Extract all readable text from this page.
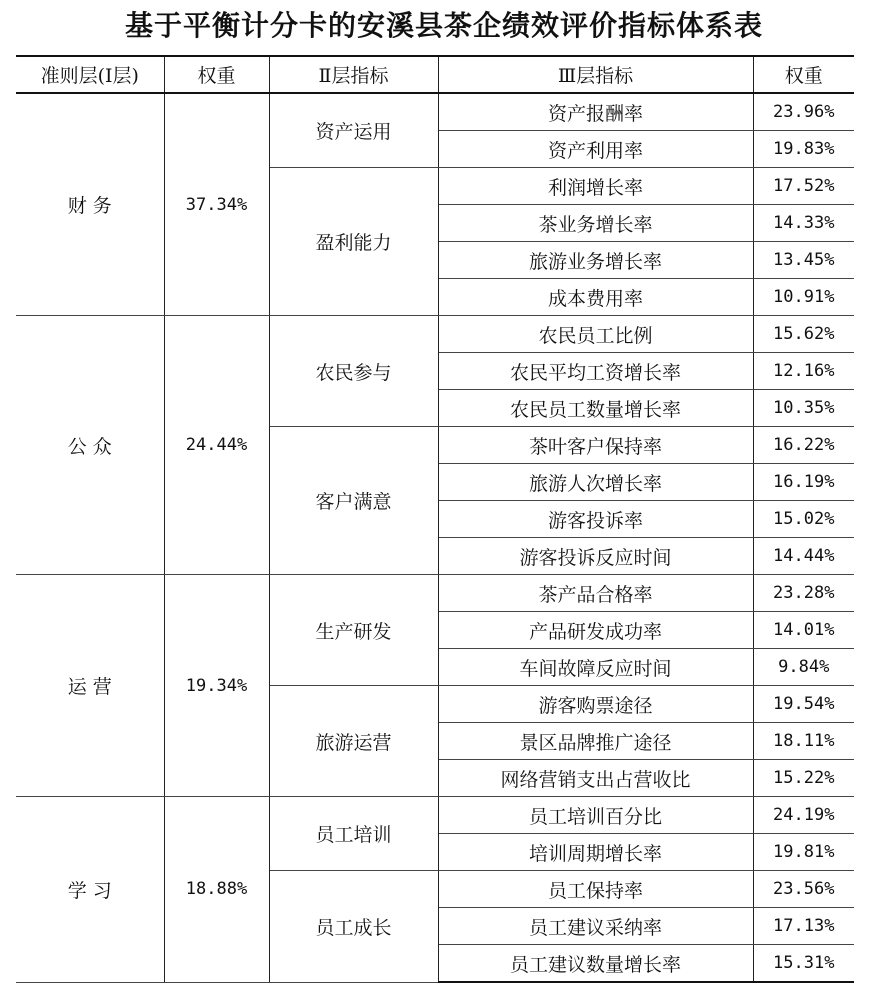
基于平衡计分卡的安溪县茶企绩效评价指标体系表
准则层(Ⅰ层)	权重	Ⅱ层指标	Ⅲ层指标	权重
财 务	37.34%	资产运用	资产报酬率	23.96%
			资产利用率	19.83%
		盈利能力	利润增长率	17.52%
			茶业务增长率	14.33%
			旅游业务增长率	13.45%
			成本费用率	10.91%
公 众	24.44%	农民参与	农民员工比例	15.62%
			农民平均工资增长率	12.16%
			农民员工数量增长率	10.35%
		客户满意	茶叶客户保持率	16.22%
			旅游人次增长率	16.19%
			游客投诉率	15.02%
			游客投诉反应时间	14.44%
运 营	19.34%	生产研发	茶产品合格率	23.28%
			产品研发成功率	14.01%
			车间故障反应时间	9.84%
		旅游运营	游客购票途径	19.54%
			景区品牌推广途径	18.11%
			网络营销支出占营收比	15.22%
学 习	18.88%	员工培训	员工培训百分比	24.19%
			培训周期增长率	19.81%
		员工成长	员工保持率	23.56%
			员工建议采纳率	17.13%
			员工建议数量增长率	15.31%
